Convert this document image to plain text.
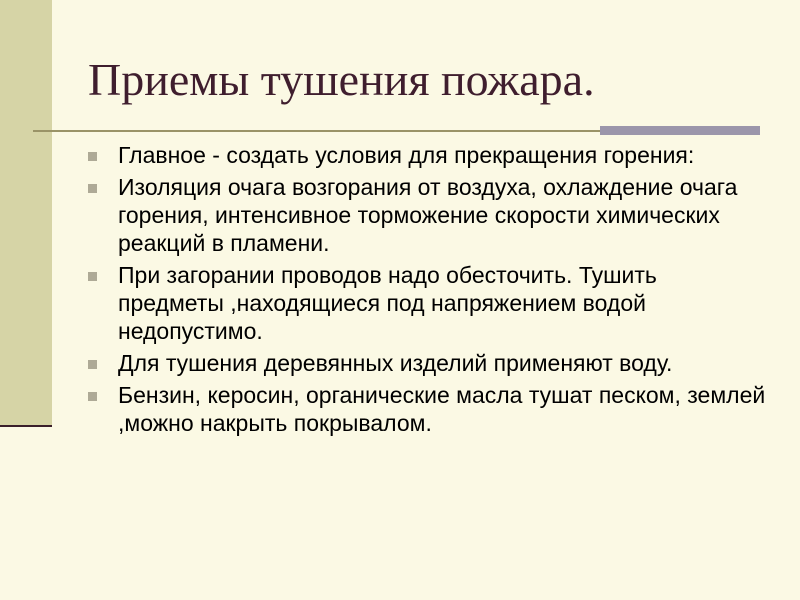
Приемы тушения пожара.
Главное - создать условия для прекращения горения:
Изоляция очага возгорания от воздуха, охлаждение очага горения, интенсивное торможение скорости химических реакций в пламени.
При загорании проводов надо обесточить. Тушить предметы ,находящиеся под напряжением водой недопустимо.
Для тушения деревянных изделий применяют воду.
Бензин, керосин, органические масла тушат песком, землей ,можно накрыть покрывалом.
